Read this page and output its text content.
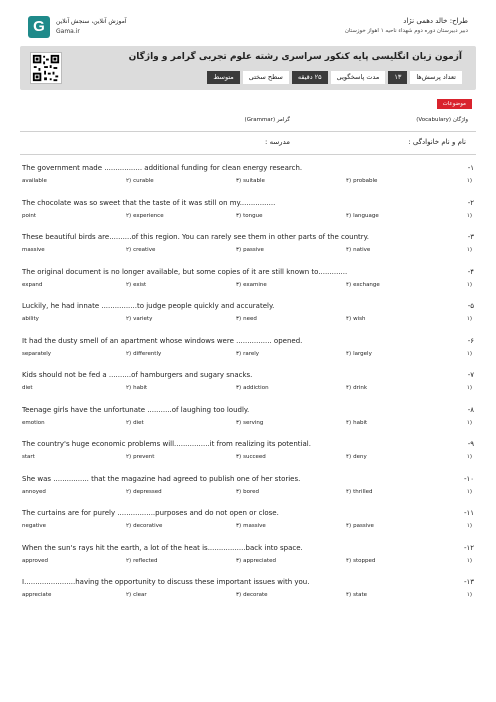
G	آموزش آنلاین، سنجش آنلاین
Gama.ir
طراح: خالد دهمی نژاد
دبیر دبیرستان دوره دوم شهداء ناحیه ۱ اهواز خوزستان
آزمون زبان انگلیسی پایه کنکور سراسری رشته علوم تجربی گرامر و واژگان
تعداد پرسش‌ها
۱۳
مدت پاسخگویی
۲۵ دقیقه
سطح سختی
متوسط
موضوعات
واژگان (Vocabulary)
گرامر (Grammar)
نام و نام خانوادگی :
مدرسه :
The government made ................. additional funding for clean energy research.	-۱
available	۲) curable	۳) suitable	۴) probable	۱)
The chocolate was so sweet that the taste of it was still on my................	-۲
point	۲) experience	۳) tongue	۴) language	۱)
These beautiful birds are..........of this region. You can rarely see them in other parts of the country.	-۳
massive	۲) creative	۳) passive	۴) native	۱)
The original document is no longer available, but some copies of it are still known to.............	-۴
expand	۲) exist	۳) examine	۴) exchange	۱)
Luckily, he had innate ................to judge people quickly and accurately.	-۵
ability	۲) variety	۳) need	۴) wish	۱)
It had the dusty smell of an apartment whose windows were ................ opened.	-۶
separately	۲) differently	۳) rarely	۴) largely	۱)
Kids should not be fed a ..........of hamburgers and sugary snacks.	-۷
diet	۲) habit	۳) addiction	۴) drink	۱)
Teenage girls have the unfortunate ...........of laughing too loudly.	-۸
emotion	۲) diet	۳) serving	۴) habit	۱)
The country's huge economic problems will................it from realizing its potential.	-۹
start	۲) prevent	۳) succeed	۴) deny	۱)
She was ................ that the magazine had agreed to publish one of her stories.	-۱۰
annoyed	۲) depressed	۳) bored	۴) thrilled	۱)
The curtains are for purely .................purposes and do not open or close.	-۱۱
negative	۲) decorative	۳) massive	۴) passive	۱)
When the sun's rays hit the earth, a lot of the heat is.................back into space.	-۱۲
approved	۲) reflected	۳) appreciated	۴) stopped	۱)
I.......................having the opportunity to discuss these important issues with you.	-۱۳
appreciate	۲) clear	۳) decorate	۴) state	۱)
